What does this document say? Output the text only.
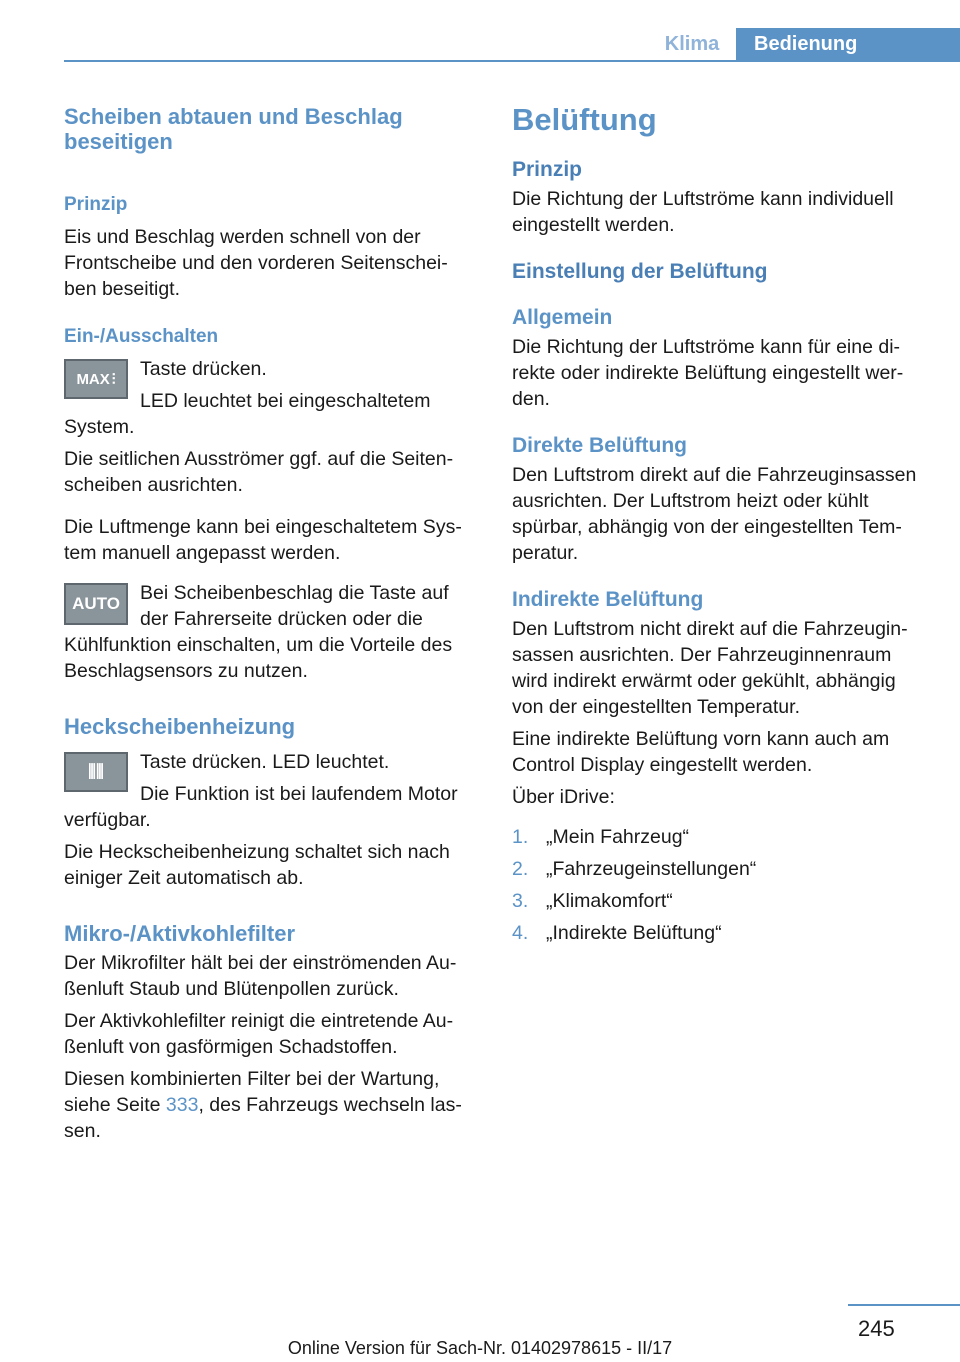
Klima	Bedienung
Scheiben abtauen und Beschlag beseitigen
Prinzip

Eis und Beschlag werden schnell von der Frontscheibe und den vorderen Seitenschei-ben beseitigt.

Ein-/Ausschalten
MAX ⫶	Taste drücken.

LED leuchtet bei eingeschaltetem System.

Die seitlichen Ausströmer ggf. auf die Seiten-scheiben ausrichten.

Die Luftmenge kann bei eingeschaltetem Sys-tem manuell angepasst werden.

AUTO	Bei Scheibenbeschlag die Taste auf der Fahrerseite drücken oder die Kühlfunktion einschalten, um die Vorteile des Beschlagsensors zu nutzen.

Heckscheibenheizung
⫼⫼	Taste drücken. LED leuchtet.

Die Funktion ist bei laufendem Motor verfügbar.

Die Heckscheibenheizung schaltet sich nach einiger Zeit automatisch ab.

Mikro-/Aktivkohlefilter

Der Mikrofilter hält bei der einströmenden Au-ßenluft Staub und Blütenpollen zurück.

Der Aktivkohlefilter reinigt die eintretende Au-ßenluft von gasförmigen Schadstoffen.

Diesen kombinierten Filter bei der Wartung, siehe Seite 333, des Fahrzeugs wechseln las-sen.

Belüftung
Prinzip

Die Richtung der Luftströme kann individuell eingestellt werden.

Einstellung der Belüftung
Allgemein

Die Richtung der Luftströme kann für eine di-rekte oder indirekte Belüftung eingestellt wer-den.

Direkte Belüftung

Den Luftstrom direkt auf die Fahrzeuginsassen ausrichten. Der Luftstrom heizt oder kühlt spürbar, abhängig von der eingestellten Tem-peratur.

Indirekte Belüftung

Den Luftstrom nicht direkt auf die Fahrzeugin-sassen ausrichten. Der Fahrzeuginnenraum wird indirekt erwärmt oder gekühlt, abhängig von der eingestellten Temperatur.

Eine indirekte Belüftung vorn kann auch am Control Display eingestellt werden.

Über iDrive:

1. „Mein Fahrzeug“
2. „Fahrzeugeinstellungen“
3. „Klimakomfort“
4. „Indirekte Belüftung“
245
Online Version für Sach-Nr. 01402978615 - II/17
